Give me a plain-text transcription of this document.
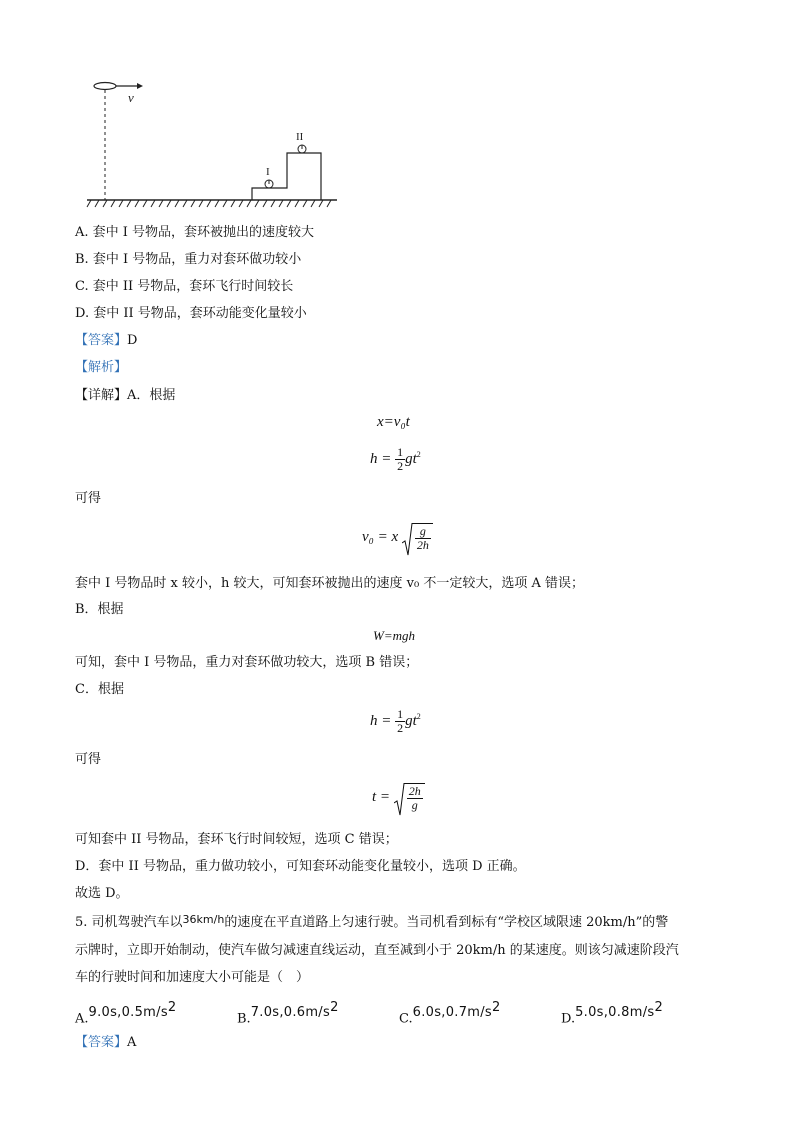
v
I
II
A. 套中 I 号物品，套环被抛出的速度较大
B. 套中 I 号物品，重力对套环做功较小
C. 套中 II 号物品，套环飞行时间较长
D. 套中 II 号物品，套环动能变化量较小
【答案】D
【解析】
【详解】A．根据
x=v₀t
$h = \frac{1}{2} gt^2$
可得
v₀ = x $\frac{g}{2h}$
套中 I 号物品时 x 较小，h 较大，可知套环被抛出的速度 v₀ 不一定较大，选项 A 错误；
B．根据
W=mgh
可知，套中 I 号物品，重力对套环做功较大，选项 B 错误；
C．根据
$h = \frac{1}{2} gt^2$
可得
$t = \frac{2h}{g}$
可知套中 II 号物品，套环飞行时间较短，选项 C 错误；
D．套中 II 号物品，重力做功较小，可知套环动能变化量较小，选项 D 正确。
故选 D。
5. 司机驾驶汽车以$^{36km/h}$的速度在平直道路上匀速行驶。当司机看到标有“学校区域限速 20km/h”的警
示牌时，立即开始制动，使汽车做匀减速直线运动，直至减到小于 20km/h 的某速度。则该匀减速阶段汽
车的行驶时间和加速度大小可能是（　）
$A.9.0s,0.5m/s^2$
$B.7.0s,0.6m/s^2$
$C.6.0s,0.7m/s^2$
$D.5.0s,0.8m/s^2$
【答案】A
